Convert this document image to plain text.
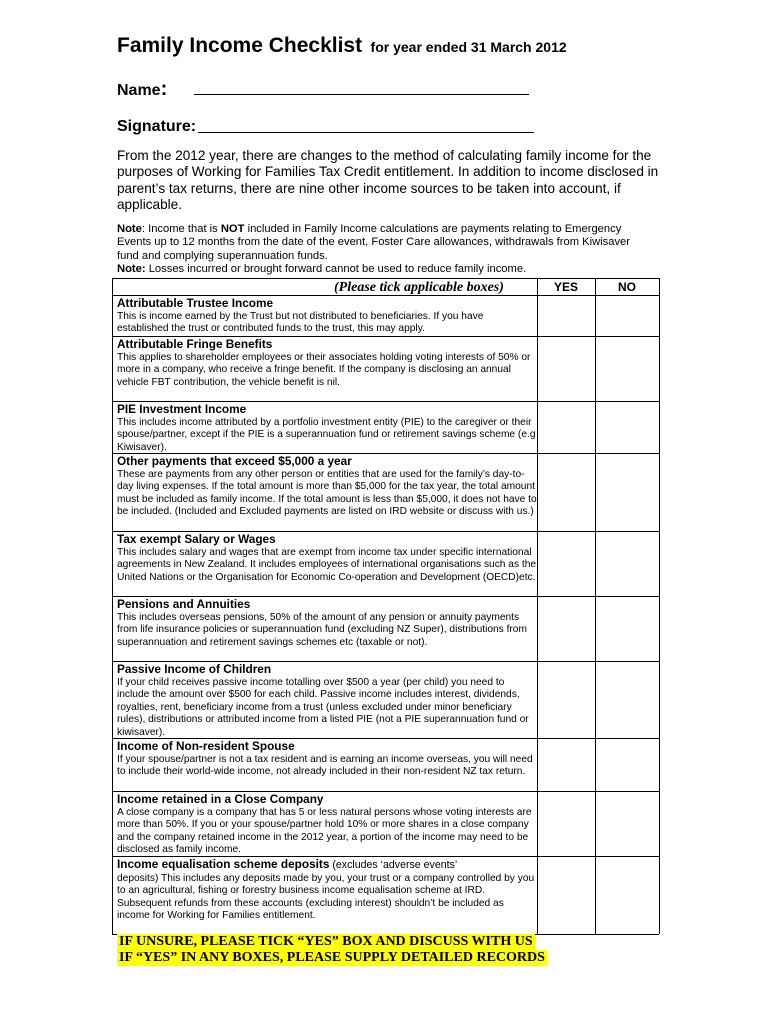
Family Income Checklist for year ended 31 March 2012
Name:
Signature:

From the 2012 year, there are changes to the method of calculating family income for the purposes of Working for Families Tax Credit entitlement. In addition to income disclosed in parent’s tax returns, there are nine other income sources to be taken into account, if applicable.

Note: Income that is NOT included in Family Income calculations are payments relating to Emergency Events up to 12 months from the date of the event, Foster Care allowances, withdrawals from Kiwisaver fund and complying superannuation funds.

Note: Losses incurred or brought forward cannot be used to reduce family income.

(Please tick applicable boxes)	YES	NO
Attributable Trustee Income
This is income earned by the Trust but not distributed to beneficiaries. If you have established the trust or contributed funds to the trust, this may apply.
Attributable Fringe Benefits
This applies to shareholder employees or their associates holding voting interests of 50% or more in a company, who receive a fringe benefit. If the company is disclosing an annual vehicle FBT contribution, the vehicle benefit is nil.
PIE Investment Income
This includes income attributed by a portfolio investment entity (PIE) to the caregiver or their spouse/partner, except if the PIE is a superannuation fund or retirement savings scheme (e.g Kiwisaver).
Other payments that exceed $5,000 a year
These are payments from any other person or entities that are used for the family’s day-to-day living expenses. If the total amount is more than $5,000 for the tax year, the total amount must be included as family income. If the total amount is less than $5,000, it does not have to be included. (Included and Excluded payments are listed on IRD website or discuss with us.)
Tax exempt Salary or Wages
This includes salary and wages that are exempt from income tax under specific international agreements in New Zealand. It includes employees of international organisations such as the United Nations or the Organisation for Economic Co-operation and Development (OECD)etc.
Pensions and Annuities
This includes overseas pensions, 50% of the amount of any pension or annuity payments from life insurance policies or superannuation fund (excluding NZ Super), distributions from superannuation and retirement savings schemes etc (taxable or not).
Passive Income of Children
If your child receives passive income totalling over $500 a year (per child) you need to include the amount over $500 for each child. Passive income includes interest, dividends, royalties, rent, beneficiary income from a trust (unless excluded under minor beneficiary rules), distributions or attributed income from a listed PIE (not a PIE superannuation fund or kiwisaver).
Income of Non-resident Spouse
If your spouse/partner is not a tax resident and is earning an income overseas, you will need to include their world-wide income, not already included in their non-resident NZ tax return.
Income retained in a Close Company
A close company is a company that has 5 or less natural persons whose voting interests are more than 50%. If you or your spouse/partner hold 10% or more shares in a close company and the company retained income in the 2012 year, a portion of the income may need to be disclosed as family income.
Income equalisation scheme deposits (excludes ‘adverse events’
deposits) This includes any deposits made by you, your trust or a company controlled by you to an agricultural, fishing or forestry business income equalisation scheme at IRD. Subsequent refunds from these accounts (excluding interest) shouldn’t be included as income for Working for Families entitlement.
IF UNSURE, PLEASE TICK “YES” BOX AND DISCUSS WITH US
IF “YES” IN ANY BOXES, PLEASE SUPPLY DETAILED RECORDS
